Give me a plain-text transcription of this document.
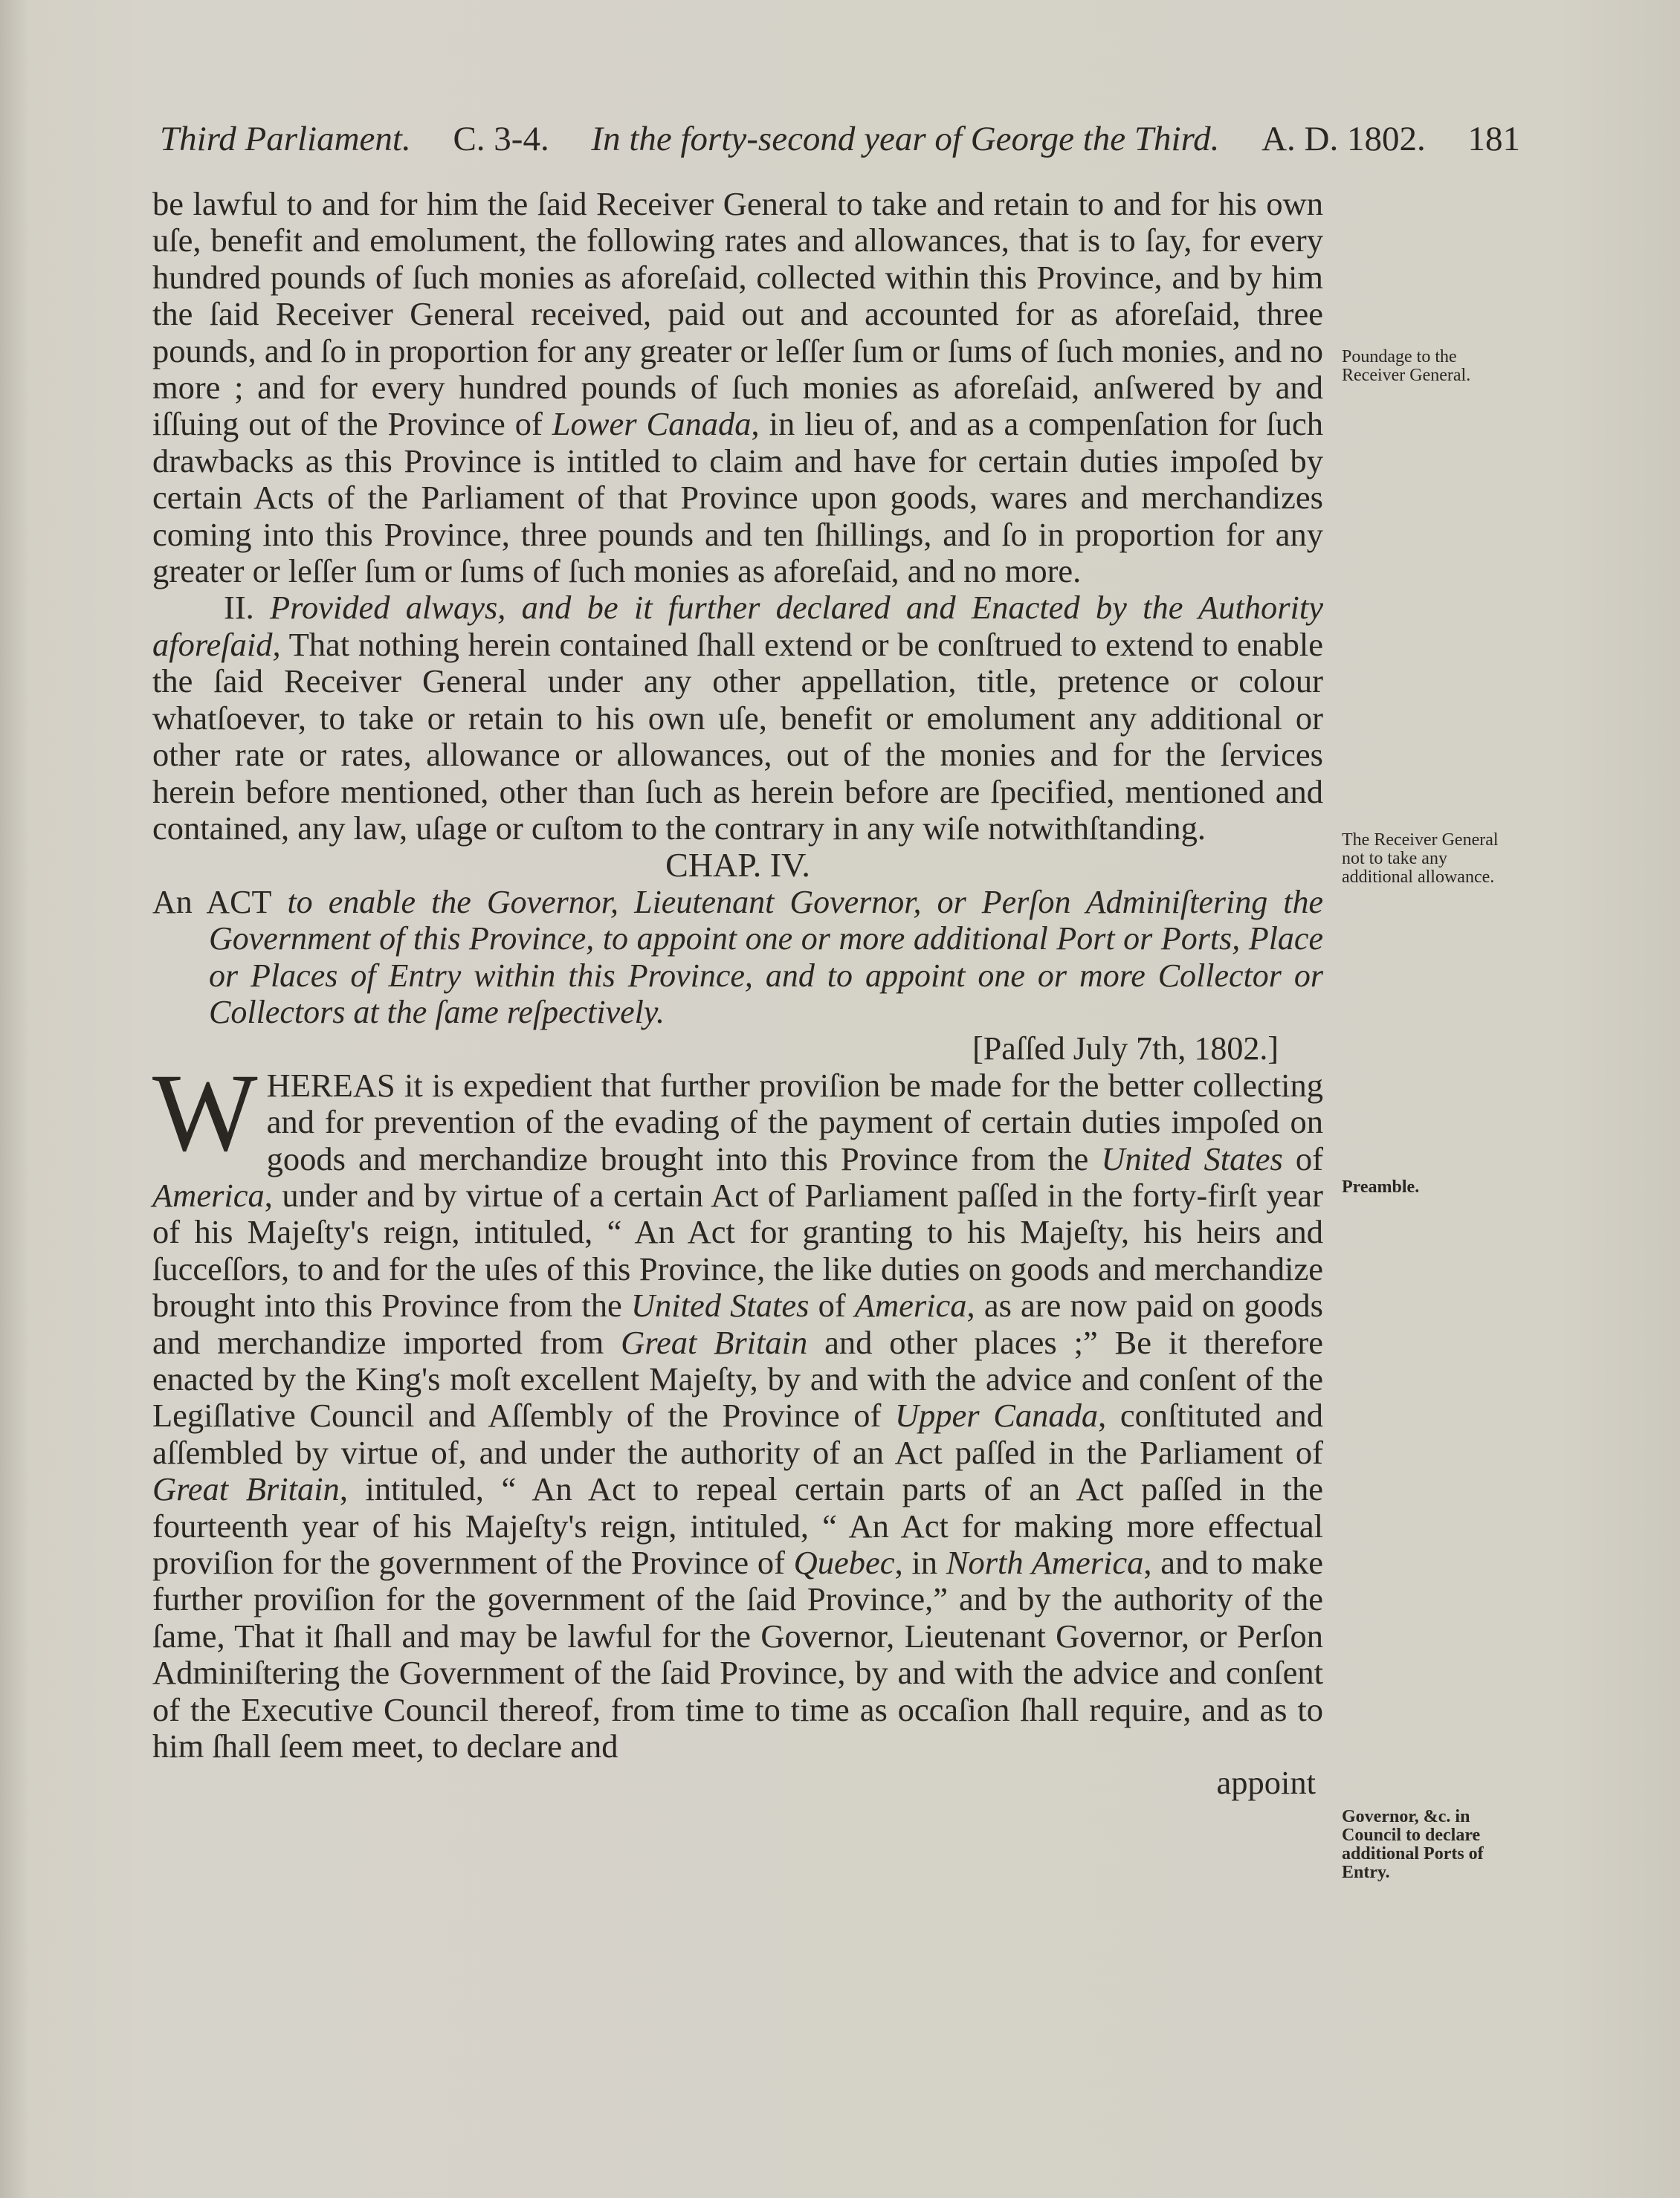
Third Parliament. C. 3-4. In the forty-second year of George the Third. A. D. 1802. 181

be lawful to and for him the ſaid Receiver General to take and retain to and for his own uſe, benefit and emolument, the following rates and allowances, that is to ſay, for every hundred pounds of ſuch monies as aforeſaid, collected within this Province, and by him the ſaid Receiver General received, paid out and accounted for as aforeſaid, three pounds, and ſo in proportion for any greater or leſſer ſum or ſums of ſuch monies, and no more ; and for every hundred pounds of ſuch monies as aforeſaid, anſwered by and iſſuing out of the Province of Lower Canada, in lieu of, and as a compenſation for ſuch drawbacks as this Province is intitled to claim and have for certain duties impoſed by certain Acts of the Parliament of that Province upon goods, wares and merchandizes coming into this Province, three pounds and ten ſhillings, and ſo in proportion for any greater or leſſer ſum or ſums of ſuch monies as aforeſaid, and no more.

II. Provided always, and be it further declared and Enacted by the Authority aforeſaid, That nothing herein contained ſhall extend or be conſtrued to extend to enable the ſaid Receiver General under any other appellation, title, pretence or colour whatſoever, to take or retain to his own uſe, benefit or emolument any additional or other rate or rates, allowance or allowances, out of the monies and for the ſervices herein before mentioned, other than ſuch as herein before are ſpecified, mentioned and contained, any law, uſage or cuſtom to the contrary in any wiſe notwithſtanding.

CHAP. IV.

An ACT to enable the Governor, Lieutenant Governor, or Perſon Adminiſtering the Government of this Province, to appoint one or more additional Port or Ports, Place or Places of Entry within this Province, and to appoint one or more Collector or Collectors at the ſame reſpectively.

[Paſſed July 7th, 1802.]

WHEREAS it is expedient that further proviſion be made for the better collecting and for prevention of the evading of the payment of certain duties impoſed on goods and merchandize brought into this Province from the United States of America, under and by virtue of a certain Act of Parliament paſſed in the forty-firſt year of his Majeſty's reign, intituled, “ An Act for granting to his Majeſty, his heirs and ſucceſſors, to and for the uſes of this Province, the like duties on goods and merchandize brought into this Province from the United States of America, as are now paid on goods and merchandize imported from Great Britain and other places ;” Be it therefore enacted by the King's moſt excellent Majeſty, by and with the advice and conſent of the Legiſlative Council and Aſſembly of the Province of Upper Canada, conſtituted and aſſembled by virtue of, and under the authority of an Act paſſed in the Parliament of Great Britain, intituled, “ An Act to repeal certain parts of an Act paſſed in the fourteenth year of his Majeſty's reign, intituled, “ An Act for making more effectual proviſion for the government of the Province of Quebec, in North America, and to make further proviſion for the government of the ſaid Province,” and by the authority of the ſame, That it ſhall and may be lawful for the Governor, Lieutenant Governor, or Perſon Adminiſtering the Government of the ſaid Province, by and with the advice and conſent of the Executive Council thereof, from time to time as occaſion ſhall require, and as to him ſhall ſeem meet, to declare and

appoint

Poundage to the Receiver General.
The Receiver General not to take any additional allowance.
Preamble.
Governor, &c. in Council to declare additional Ports of Entry.
